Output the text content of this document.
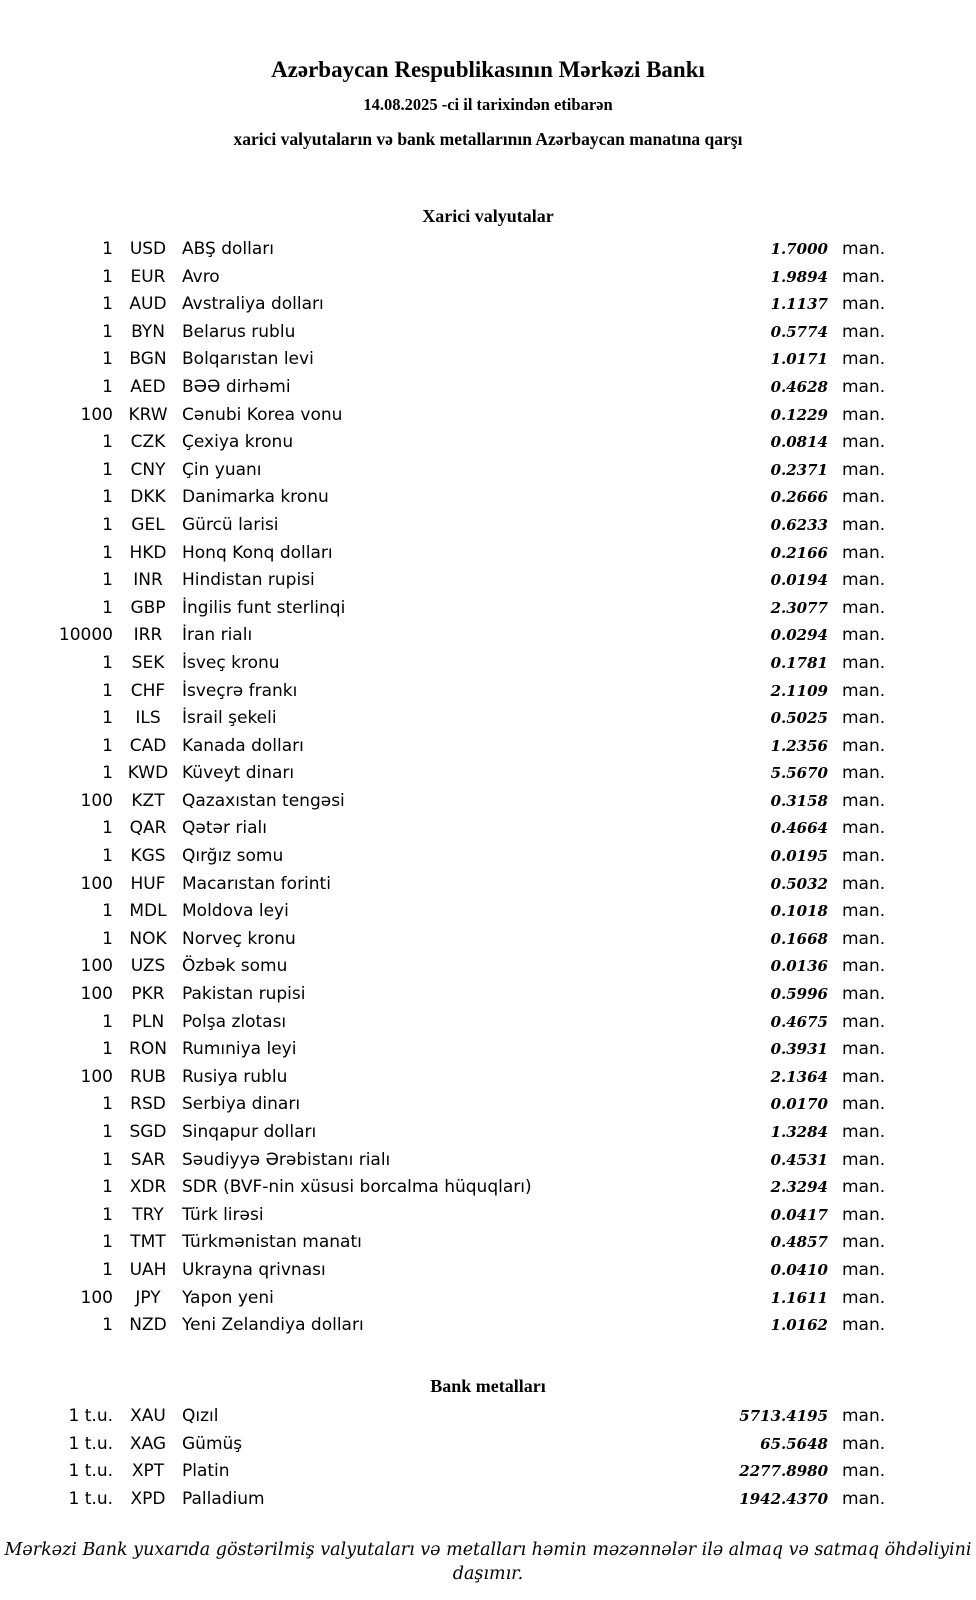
Azərbaycan Respublikasının Mərkəzi Bankı
14.08.2025 -ci il tarixindən etibarən
xarici valyutaların və bank metallarının Azərbaycan manatına qarşı
Xarici valyutalar
1 USD ABŞ dolları	1.7000 man.
1	EUR Avro	1.9894 man.
1 AUD Avstraliya dolları	1.1137 man.
1	BYN	Belarus rublu	0.5774 man.
1 BGN Bolqarıstan levi	1.0171 man.
1	AED BƏƏ dirhəmi	0.4628 man.
100 KRW Cənubi Korea vonu	0.1229 man.
1	CZK Çexiya kronu	0.0814 man.
1	CNY Çin yuanı	0.2371 man.
1	DKK Danimarka kronu	0.2666 man.
1	GEL	Gürcü larisi	0.6233 man.
1 HKD Honq Konq dolları	0.2166 man.
1	INR	Hindistan rupisi	0.0194 man.
1	GBP İngilis funt sterlinqi	2.3077 man.
10000	IRR	İran rialı	0.0294 man.
1	SEK	İsveç kronu	0.1781 man.
1	CHF İsveçrə frankı	2.1109 man.
1	ILS	İsrail şekeli	0.5025 man.
1 CAD Kanada dolları	1.2356 man.
1 KWD Küveyt dinarı	5.5670 man.
100	KZT	Qazaxıstan tengəsi	0.3158 man.
1 QAR Qətər rialı	0.4664 man.
1	KGS Qırğız somu	0.0195 man.
100	HUF Macarıstan forinti	0.5032 man.
1 MDL Moldova leyi	0.1018 man.
1 NOK Norveç kronu	0.1668 man.
100	UZS Özbək somu	0.0136 man.
100	PKR	Pakistan rupisi	0.5996 man.
1	PLN	Polşa zlotası	0.4675 man.
1 RON Rumıniya leyi	0.3931 man.
100	RUB Rusiya rublu	2.1364 man.
1	RSD Serbiya dinarı	0.0170 man.
1 SGD Sinqapur dolları	1.3284 man.
1	SAR Səudiyyə Ərəbistanı rialı	0.4531 man.
1 XDR SDR (BVF-nin xüsusi borcalma hüquqları)	2.3294 man.
1	TRY	Türk lirəsi	0.0417 man.
1	TMT Türkmənistan manatı	0.4857 man.
1 UAH Ukrayna qrivnası	0.0410 man.
100	JPY	Yapon yeni	1.1611 man.
1 NZD Yeni Zelandiya dolları	1.0162 man.
Bank metalları
1 t.u.	XAU Qızıl	5713.4195 man.
1 t.u. XAG Gümüş	65.5648 man.
1 t.u.	XPT	Platin	2277.8980 man.
1 t.u.	XPD Palladium	1942.4370 man.
Mərkəzi Bank yuxarıda göstərilmiş valyutaları və metalları həmin məzənnələr ilə almaq və satmaq öhdəliyini daşımır.
